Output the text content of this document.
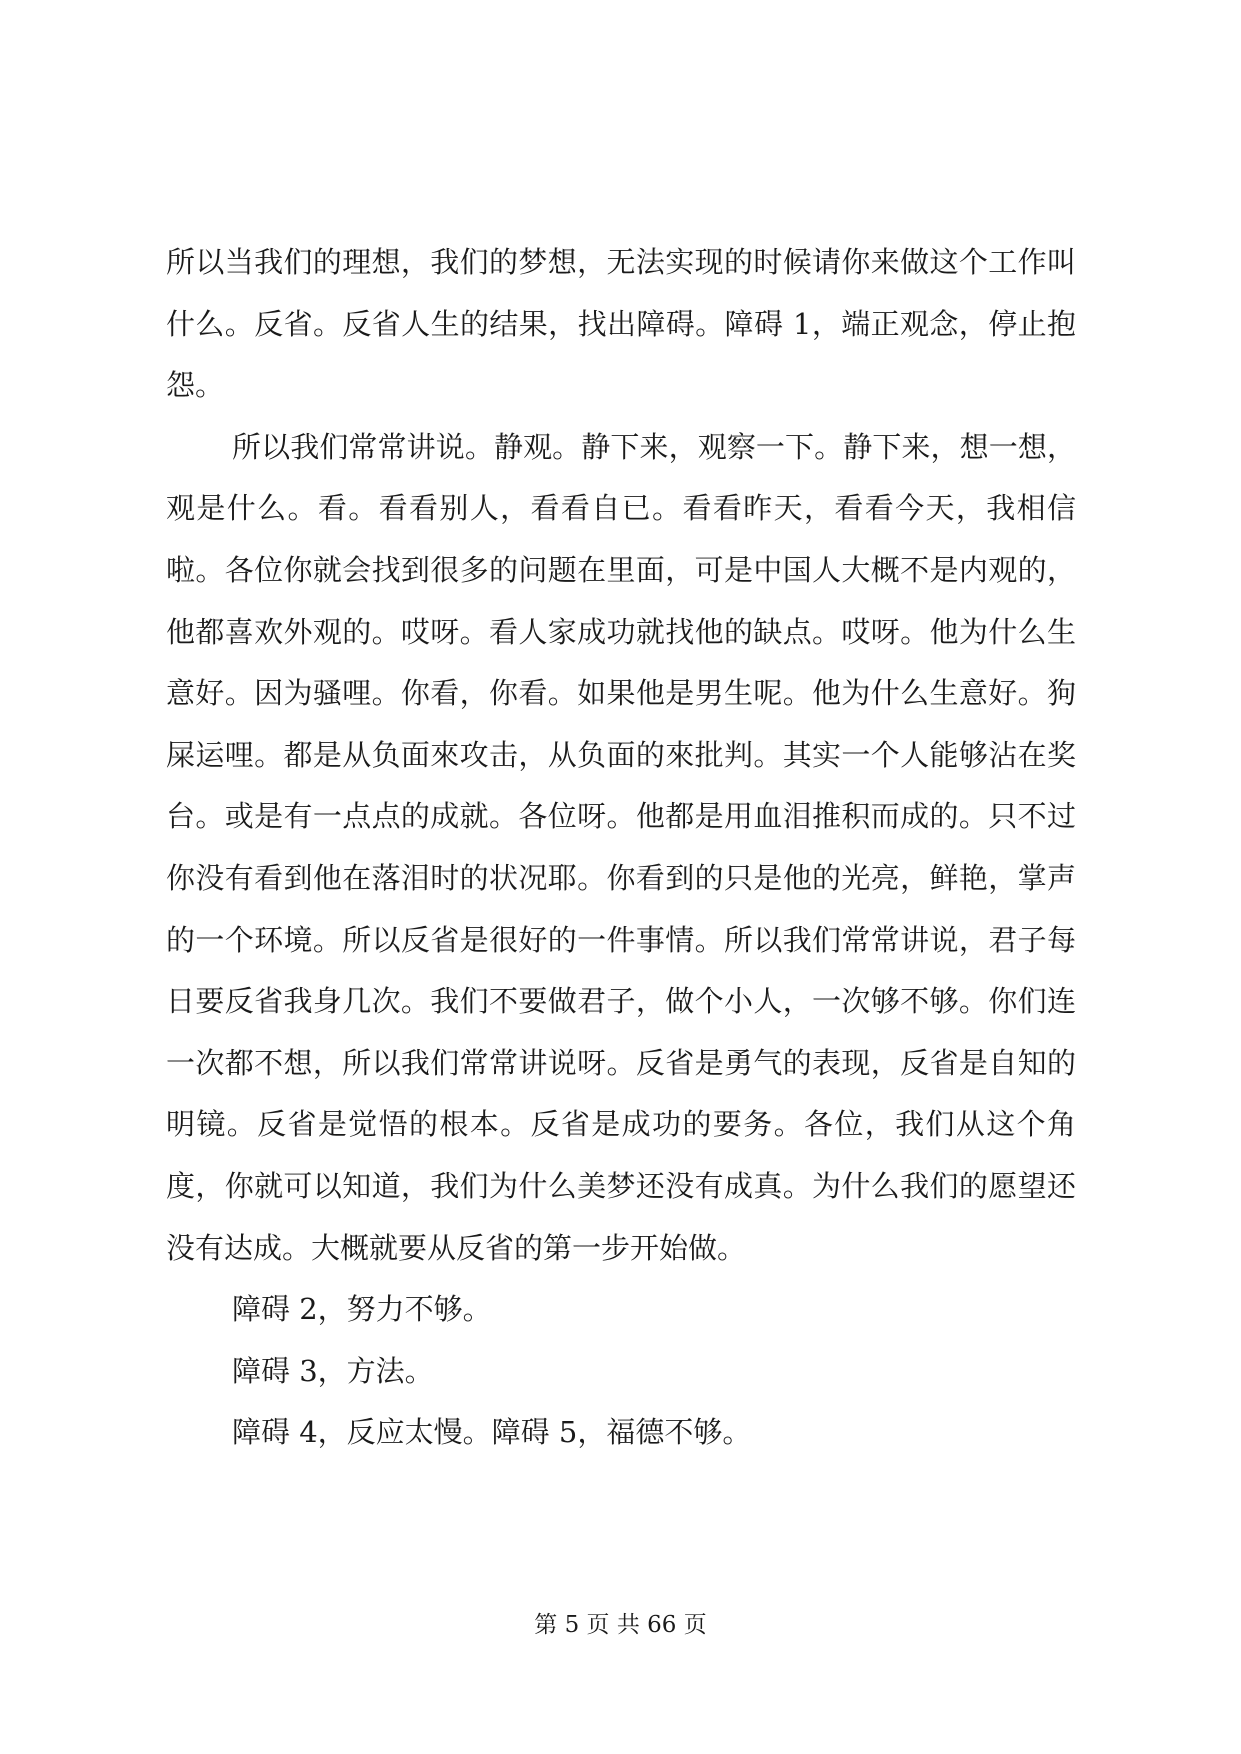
所以当我们的理想，我们的梦想，无法实现的时候请你来做这个工作叫什么。反省。反省人生的结果，找出障碍。障碍 1，端正观念，停止抱怨。

所以我们常常讲说。静观。静下来，观察一下。静下来，想一想，观是什么。看。看看别人，看看自已。看看昨天，看看今天，我相信啦。各位你就会找到很多的问题在里面，可是中国人大概不是内观的，他都喜欢外观的。哎呀。看人家成功就找他的缺点。哎呀。他为什么生意好。因为骚哩。你看，你看。如果他是男生呢。他为什么生意好。狗屎运哩。都是从负面來攻击，从负面的來批判。其实一个人能够沾在奖台。或是有一点点的成就。各位呀。他都是用血泪推积而成的。只不过你没有看到他在落泪时的状况耶。你看到的只是他的光亮，鲜艳，掌声的一个环境。所以反省是很好的一件事情。所以我们常常讲说，君子每日要反省我身几次。我们不要做君子，做个小人，一次够不够。你们连一次都不想，所以我们常常讲说呀。反省是勇气的表现，反省是自知的明镜。反省是觉悟的根本。反省是成功的要务。各位，我们从这个角度，你就可以知道，我们为什么美梦还没有成真。为什么我们的愿望还没有达成。大概就要从反省的第一步开始做。

障碍 2，努力不够。

障碍 3，方法。

障碍 4，反应太慢。障碍 5，福德不够。

第 5 页 共 66 页
